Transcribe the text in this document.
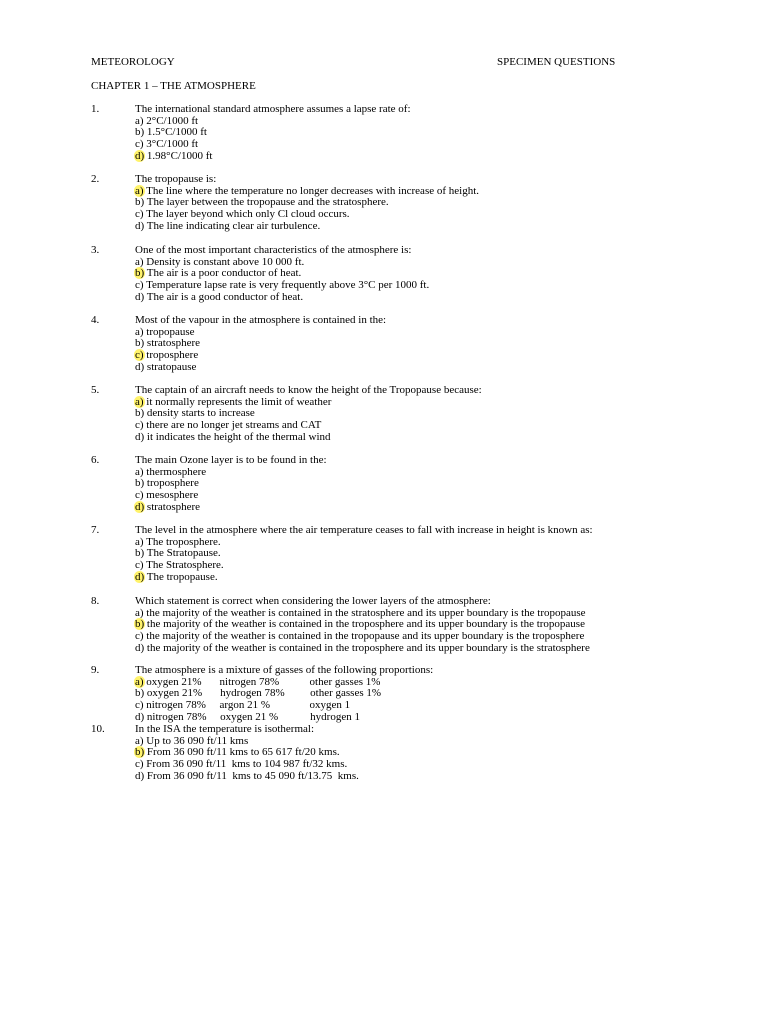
METEOROLOGY	SPECIMEN QUESTIONS
CHAPTER 1 – THE ATMOSPHERE
1.	The international standard atmosphere assumes a lapse rate of:
a) 2°C/1000 ft
b) 1.5°C/1000 ft
c) 3°C/1000 ft
d) 1.98°C/1000 ft
2.	The tropopause is:
a) The line where the temperature no longer decreases with increase of height.
b) The layer between the tropopause and the stratosphere.
c) The layer beyond which only Cl cloud occurs.
d) The line indicating clear air turbulence.
3.	One of the most important characteristics of the atmosphere is:
a) Density is constant above 10 000 ft.
b) The air is a poor conductor of heat.
c) Temperature lapse rate is very frequently above 3°C per 1000 ft.
d) The air is a good conductor of heat.
4.	Most of the vapour in the atmosphere is contained in the:
a) tropopause
b) stratosphere
c) troposphere
d) stratopause
5.	The captain of an aircraft needs to know the height of the Tropopause because:
a) it normally represents the limit of weather
b) density starts to increase
c) there are no longer jet streams and CAT
d) it indicates the height of the thermal wind
6.	The main Ozone layer is to be found in the:
a) thermosphere
b) troposphere
c) mesosphere
d) stratosphere
7.	The level in the atmosphere where the air temperature ceases to fall with increase in height is known as:
a) The troposphere.
b) The Stratopause.
c) The Stratosphere.
d) The tropopause.
8.	Which statement is correct when considering the lower layers of the atmosphere:
a) the majority of the weather is contained in the stratosphere and its upper boundary is the tropopause
b) the majority of the weather is contained in the troposphere and its upper boundary is the tropopause
c) the majority of the weather is contained in the tropopause and its upper boundary is the troposphere
d) the majority of the weather is contained in the troposphere and its upper boundary is the stratosphere
9.	The atmosphere is a mixture of gasses of the following proportions:
a) oxygen 21% nitrogen 78%	other gasses 1%
b) oxygen 21% hydrogen 78% other gasses 1%
c) nitrogen 78% argon 21 %	oxygen 1
d) nitrogen 78% oxygen 21 %	hydrogen 1
10.	In the ISA the temperature is isothermal:
a) Up to 36 090 ft/11 kms
b) From 36 090 ft/11 kms to 65 617 ft/20 kms.
c) From 36 090 ft/11  kms to 104 987 ft/32 kms.
d) From 36 090 ft/11  kms to 45 090 ft/13.75  kms.
